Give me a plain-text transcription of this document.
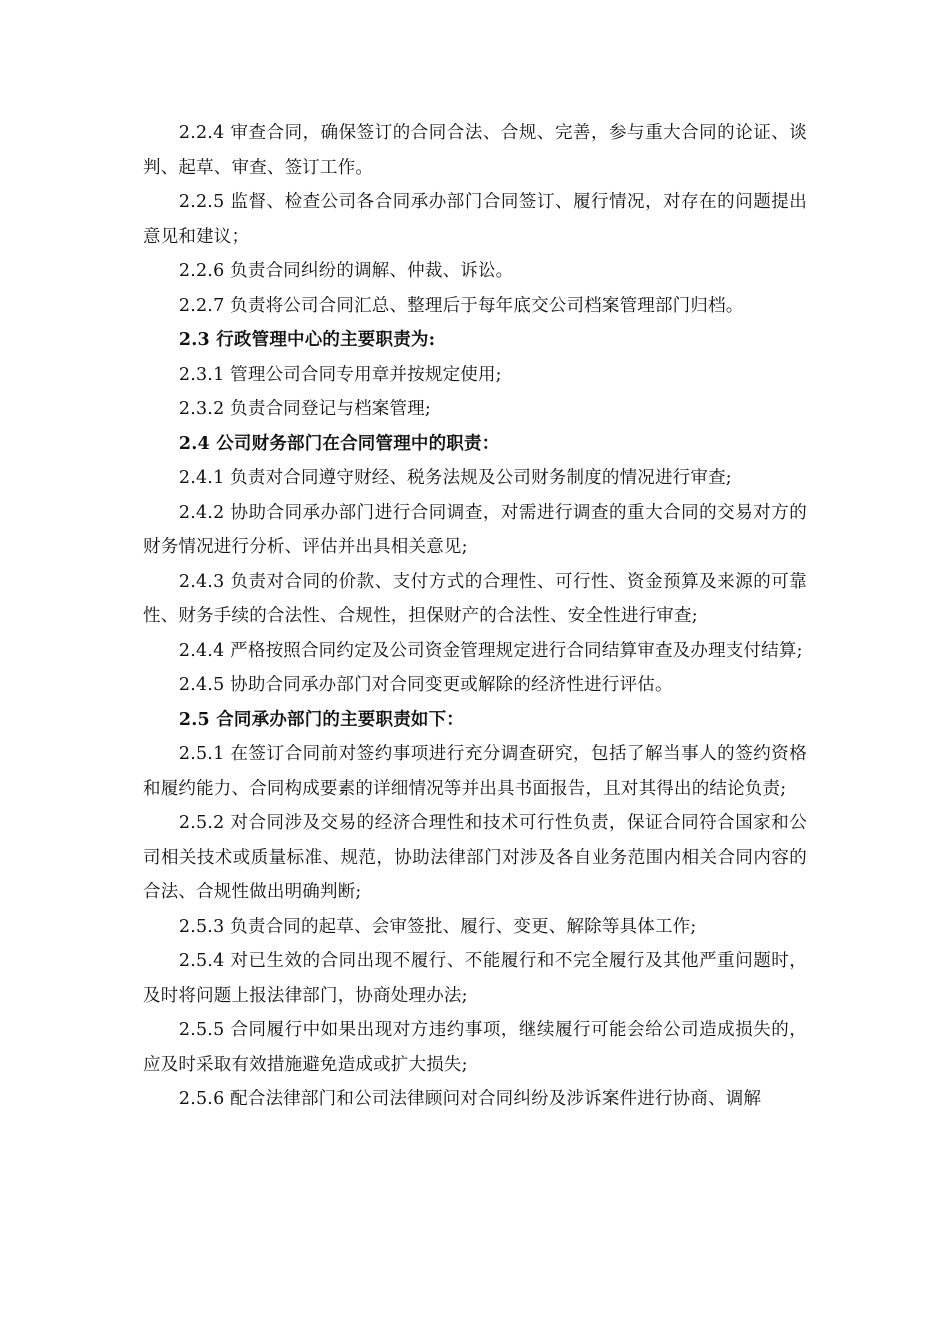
2.2.4 审查合同，确保签订的合同合法、合规、完善，参与重大合同的论证、谈判、起草、审查、签订工作。

2.2.5 监督、检查公司各合同承办部门合同签订、履行情况，对存在的问题提出意见和建议；

2.2.6 负责合同纠纷的调解、仲裁、诉讼。

2.2.7 负责将公司合同汇总、整理后于每年底交公司档案管理部门归档。

2.3 行政管理中心的主要职责为:

2.3.1 管理公司合同专用章并按规定使用;

2.3.2 负责合同登记与档案管理;

2.4 公司财务部门在合同管理中的职责：

2.4.1 负责对合同遵守财经、税务法规及公司财务制度的情况进行审查;

2.4.2 协助合同承办部门进行合同调查，对需进行调查的重大合同的交易对方的财务情况进行分析、评估并出具相关意见;

2.4.3 负责对合同的价款、支付方式的合理性、可行性、资金预算及来源的可靠性、财务手续的合法性、合规性，担保财产的合法性、安全性进行审查;

2.4.4 严格按照合同约定及公司资金管理规定进行合同结算审查及办理支付结算;

2.4.5 协助合同承办部门对合同变更或解除的经济性进行评估。

2.5 合同承办部门的主要职责如下：

2.5.1 在签订合同前对签约事项进行充分调查研究，包括了解当事人的签约资格和履约能力、合同构成要素的详细情况等并出具书面报告，且对其得出的结论负责;

2.5.2 对合同涉及交易的经济合理性和技术可行性负责，保证合同符合国家和公司相关技术或质量标准、规范，协助法律部门对涉及各自业务范围内相关合同内容的合法、合规性做出明确判断;

2.5.3 负责合同的起草、会审签批、履行、变更、解除等具体工作;

2.5.4 对已生效的合同出现不履行、不能履行和不完全履行及其他严重问题时，及时将问题上报法律部门，协商处理办法;

2.5.5 合同履行中如果出现对方违约事项，继续履行可能会给公司造成损失的，应及时采取有效措施避免造成或扩大损失;

2.5.6 配合法律部门和公司法律顾问对合同纠纷及涉诉案件进行协商、调解
